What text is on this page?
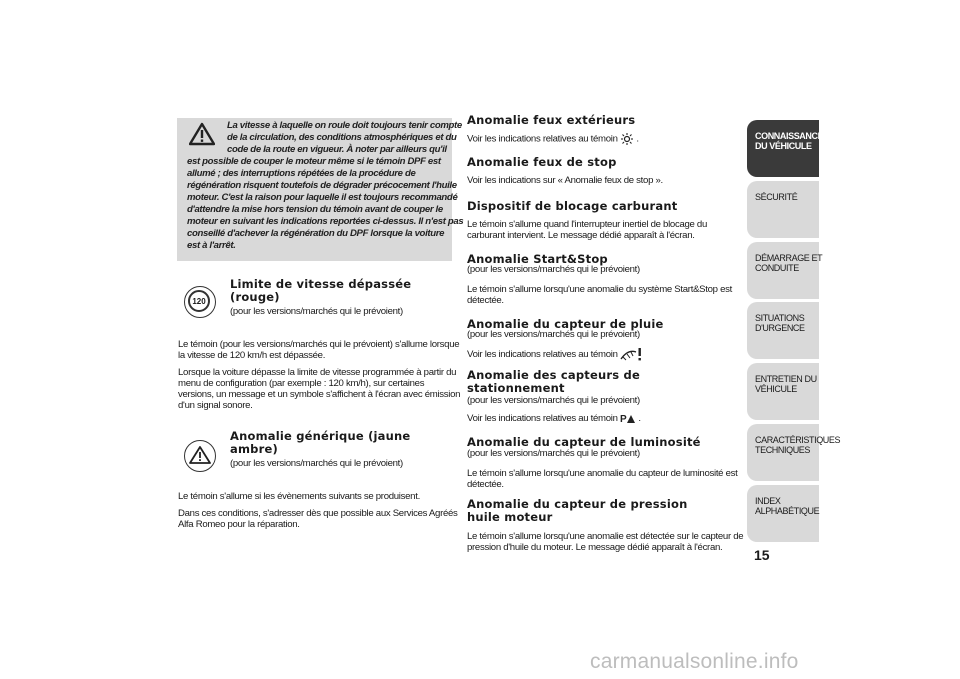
La vitesse à laquelle on roule doit toujours tenir compte

de la circulation, des conditions atmosphériques et du

code de la route en vigueur. À noter par ailleurs qu'il

est possible de couper le moteur même si le témoin DPF est

allumé ; des interruptions répétées de la procédure de

régénération risquent toutefois de dégrader précocement l'huile

moteur. C'est la raison pour laquelle il est toujours recommandé

d'attendre la mise hors tension du témoin avant de couper le

moteur en suivant les indications reportées ci-dessus. Il n'est pas

conseillé d'achever la régénération du DPF lorsque la voiture

est à l'arrêt.

120
Limite de vitesse dépassée
(rouge)

(pour les versions/marchés qui le prévoient)

Le témoin (pour les versions/marchés qui le prévoient) s'allume lorsque

la vitesse de 120 km/h est dépassée.

Lorsque la voiture dépasse la limite de vitesse programmée à partir du

menu de configuration (par exemple : 120 km/h), sur certaines

versions, un message et un symbole s'affichent à l'écran avec émission

d'un signal sonore.

Anomalie générique (jaune
ambre)

(pour les versions/marchés qui le prévoient)

Le témoin s'allume si les évènements suivants se produisent.

Dans ces conditions, s'adresser dès que possible aux Services Agréés

Alfa Romeo pour la réparation.

Anomalie feux extérieurs

Voir les indications relatives au témoin  .

Anomalie feux de stop

Voir les indications sur « Anomalie feux de stop ».

Dispositif de blocage carburant

Le témoin s'allume quand l'interrupteur inertiel de blocage du

carburant intervient. Le message dédié apparaît à l'écran.

Anomalie Start&Stop

(pour les versions/marchés qui le prévoient)

Le témoin s'allume lorsqu'une anomalie du système Start&Stop est

détectée.

Anomalie du capteur de pluie

(pour les versions/marchés qui le prévoient)

Voir les indications relatives au témoin

Anomalie des capteurs de
stationnement

(pour les versions/marchés qui le prévoient)

Voir les indications relatives au témoin P .

Anomalie du capteur de luminosité

(pour les versions/marchés qui le prévoient)

Le témoin s'allume lorsqu'une anomalie du capteur de luminosité est

détectée.

Anomalie du capteur de pression
huile moteur

Le témoin s'allume lorsqu'une anomalie est détectée sur le capteur de

pression d'huile du moteur. Le message dédié apparaît à l'écran.

CONNAISSANCE
DU VÉHICULE
SÉCURITÉ
DÉMARRAGE ET
CONDUITE
SITUATIONS
D'URGENCE
ENTRETIEN DU
VÉHICULE
CARACTÉRISTIQUES
TECHNIQUES
INDEX
ALPHABÉTIQUE
15
carmanualsonline.info
